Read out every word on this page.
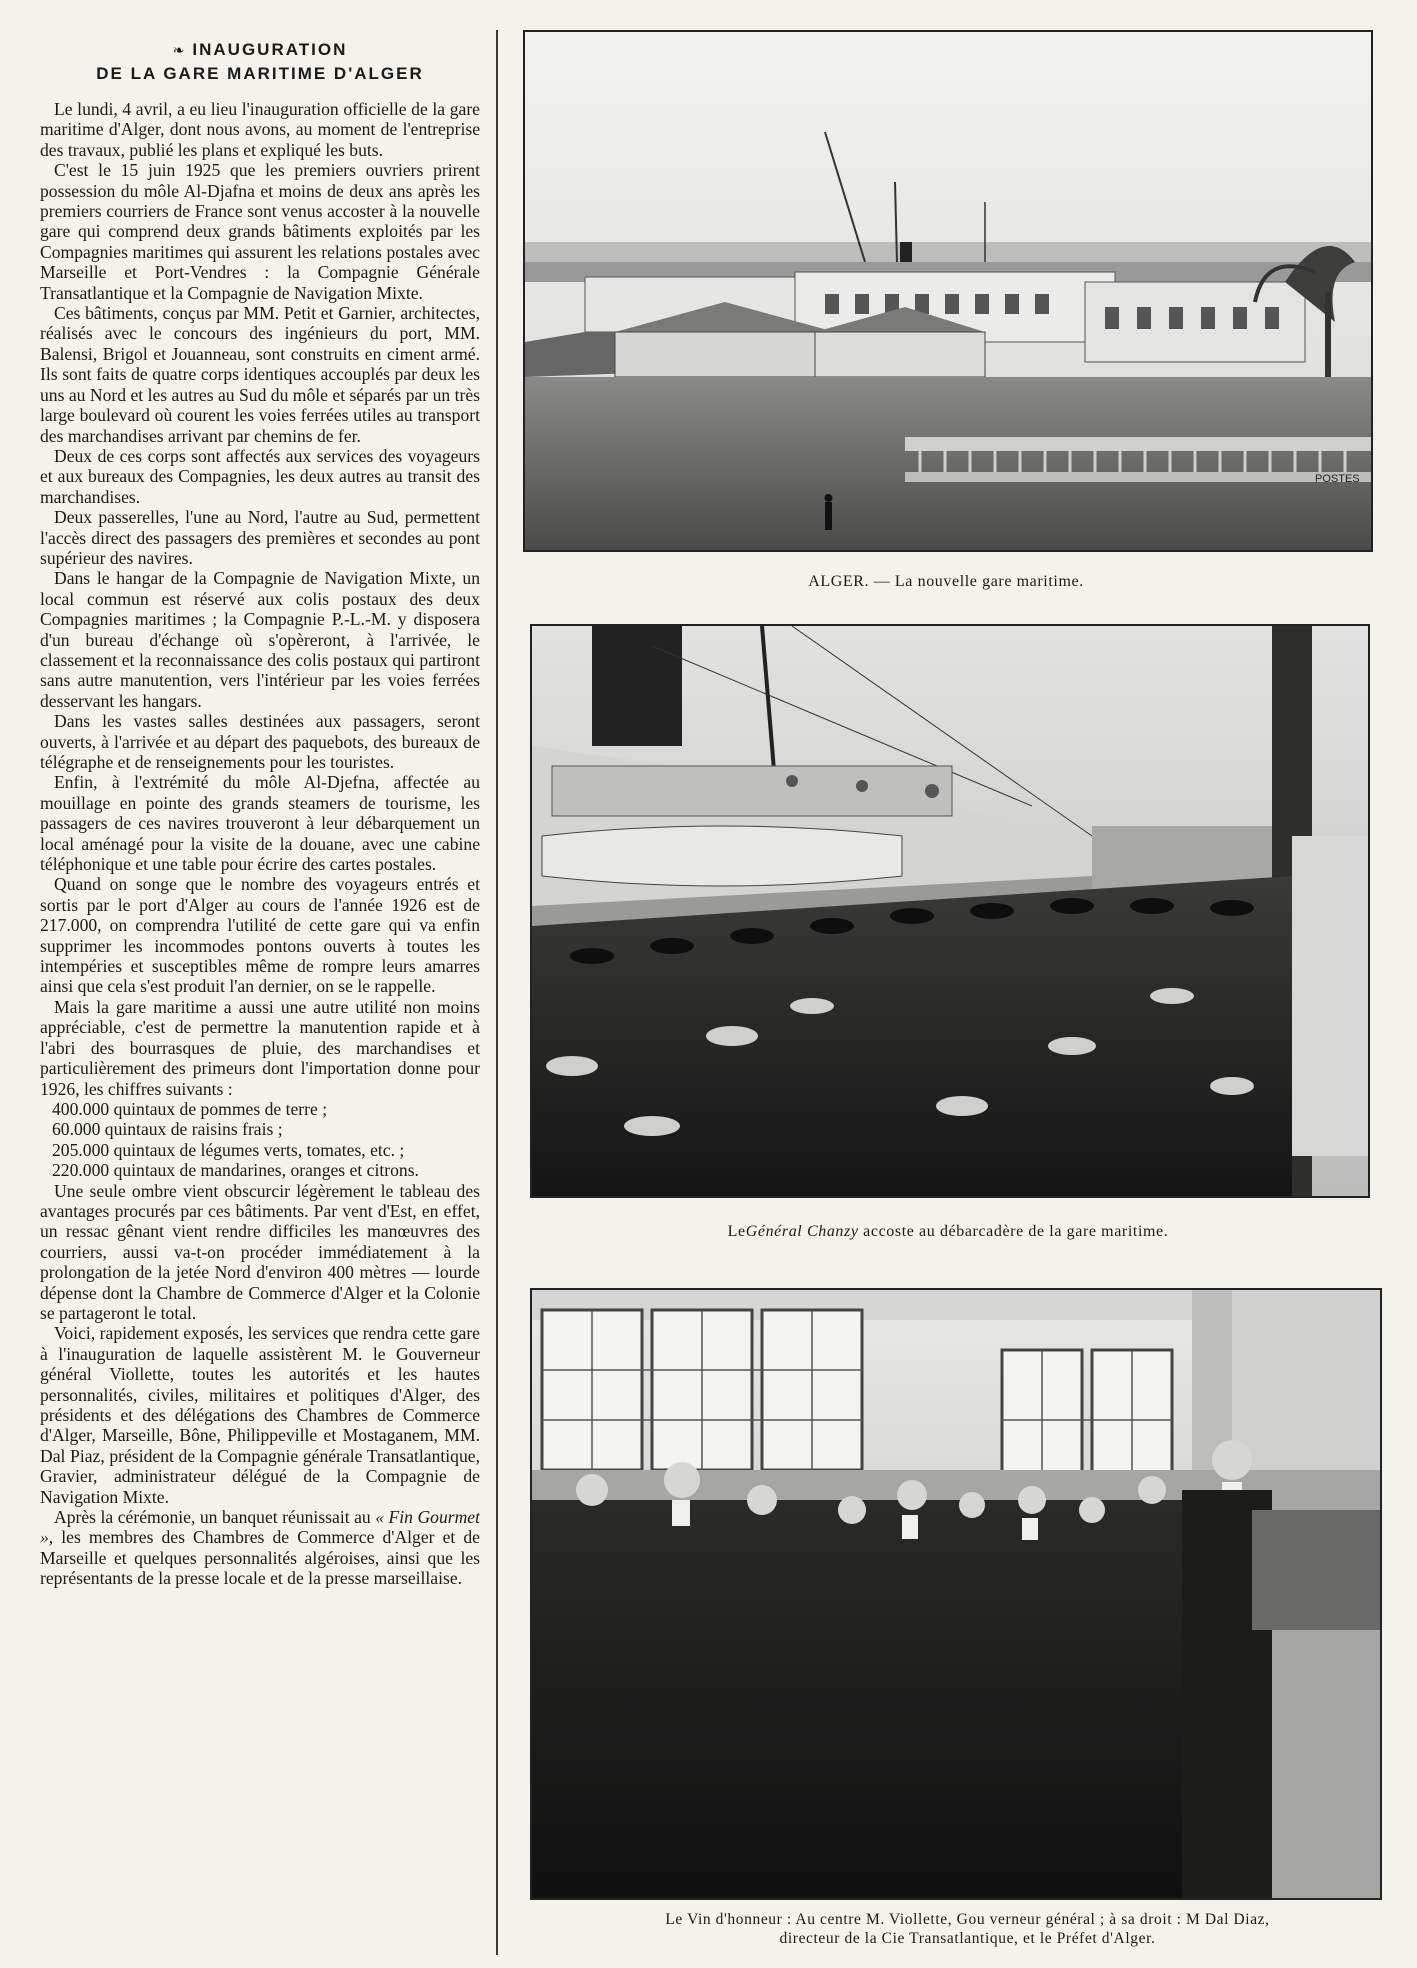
❧ INAUGURATION
DE LA GARE MARITIME D'ALGER

Le lundi, 4 avril, a eu lieu l'inauguration officielle de la gare maritime d'Alger, dont nous avons, au moment de l'entreprise des travaux, publié les plans et expliqué les buts.

C'est le 15 juin 1925 que les premiers ouvriers prirent possession du môle Al-Djafna et moins de deux ans après les premiers courriers de France sont venus accoster à la nouvelle gare qui comprend deux grands bâtiments exploités par les Compagnies maritimes qui assurent les relations postales avec Marseille et Port-Vendres : la Compagnie Générale Transatlantique et la Compagnie de Navigation Mixte.

Ces bâtiments, conçus par MM. Petit et Garnier, architectes, réalisés avec le concours des ingénieurs du port, MM. Balensi, Brigol et Jouanneau, sont construits en ciment armé. Ils sont faits de quatre corps identiques accouplés par deux les uns au Nord et les autres au Sud du môle et séparés par un très large boulevard où courent les voies ferrées utiles au transport des marchandises arrivant par chemins de fer.

Deux de ces corps sont affectés aux services des voyageurs et aux bureaux des Compagnies, les deux autres au transit des marchandises.

Deux passerelles, l'une au Nord, l'autre au Sud, permettent l'accès direct des passagers des premières et secondes au pont supérieur des navires.

Dans le hangar de la Compagnie de Navigation Mixte, un local commun est réservé aux colis postaux des deux Compagnies maritimes ; la Compagnie P.-L.-M. y disposera d'un bureau d'échange où s'opèreront, à l'arrivée, le classement et la reconnaissance des colis postaux qui partiront sans autre manutention, vers l'intérieur par les voies ferrées desservant les hangars.

Dans les vastes salles destinées aux passagers, seront ouverts, à l'arrivée et au départ des paquebots, des bureaux de télégraphe et de renseignements pour les touristes.

Enfin, à l'extrémité du môle Al-Djefna, affectée au mouillage en pointe des grands steamers de tourisme, les passagers de ces navires trouveront à leur débarquement un local aménagé pour la visite de la douane, avec une cabine téléphonique et une table pour écrire des cartes postales.

Quand on songe que le nombre des voyageurs entrés et sortis par le port d'Alger au cours de l'année 1926 est de 217.000, on comprendra l'utilité de cette gare qui va enfin supprimer les incommodes pontons ouverts à toutes les intempéries et susceptibles même de rompre leurs amarres ainsi que cela s'est produit l'an dernier, on se le rappelle.

Mais la gare maritime a aussi une autre utilité non moins appréciable, c'est de permettre la manutention rapide et à l'abri des bourrasques de pluie, des marchandises et particulièrement des primeurs dont l'importation donne pour 1926, les chiffres suivants :

400.000 quintaux de pommes de terre ;

60.000 quintaux de raisins frais ;

205.000 quintaux de légumes verts, tomates, etc. ;

220.000 quintaux de mandarines, oranges et citrons.

Une seule ombre vient obscurcir légèrement le tableau des avantages procurés par ces bâtiments. Par vent d'Est, en effet, un ressac gênant vient rendre difficiles les manœuvres des courriers, aussi va-t-on procéder immédiatement à la prolongation de la jetée Nord d'environ 400 mètres — lourde dépense dont la Chambre de Commerce d'Alger et la Colonie se partageront le total.

Voici, rapidement exposés, les services que rendra cette gare à l'inauguration de laquelle assistèrent M. le Gouverneur général Viollette, toutes les autorités et les hautes personnalités, civiles, militaires et politiques d'Alger, des présidents et des délégations des Chambres de Commerce d'Alger, Marseille, Bône, Philippeville et Mostaganem, MM. Dal Piaz, président de la Compagnie générale Transatlantique, Gravier, administrateur délégué de la Compagnie de Navigation Mixte.

Après la cérémonie, un banquet réunissait au « Fin Gourmet », les membres des Chambres de Commerce d'Alger et de Marseille et quelques personnalités algéroises, ainsi que les représentants de la presse locale et de la presse marseillaise.

POSTES
ALGER. — La nouvelle gare maritime.
LeGénéral Chanzy accoste au débarcadère de la gare maritime.
Le Vin d'honneur : Au centre M. Viollette, Gou verneur général ; à sa droit : M Dal Diaz,
directeur de la Cie Transatlantique, et le Préfet d'Alger.
